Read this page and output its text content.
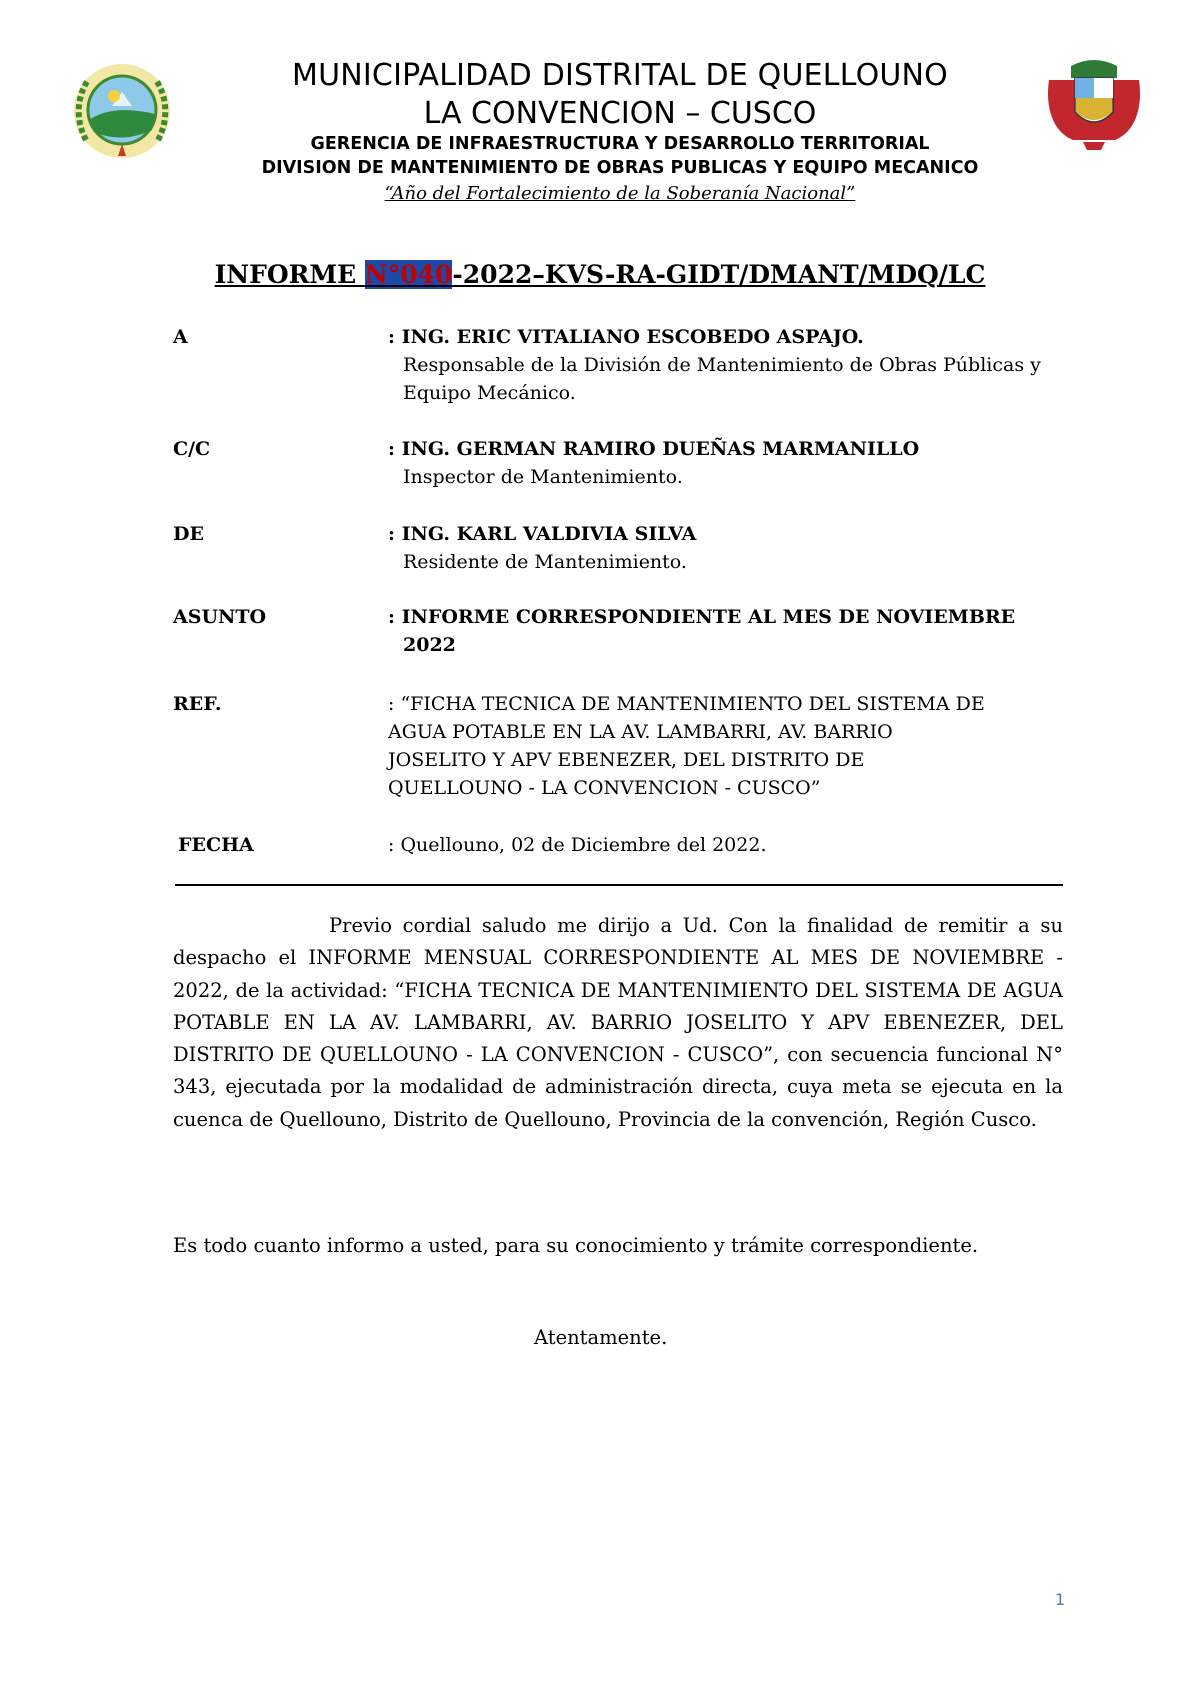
MUNICIPALIDAD DISTRITAL DE QUELLOUNO
LA CONVENCION – CUSCO
GERENCIA DE INFRAESTRUCTURA Y DESARROLLO TERRITORIAL
DIVISION DE MANTENIMIENTO DE OBRAS PUBLICAS Y EQUIPO MECANICO
“Año del Fortalecimiento de la Soberanía Nacional”
INFORME N°040-2022–KVS-RA-GIDT/DMANT/MDQ/LC
A	: ING. ERIC VITALIANO ESCOBEDO ASPAJO.
Responsable de la División de Mantenimiento de Obras Públicas y
Equipo Mecánico.
C/C	: ING. GERMAN RAMIRO DUEÑAS MARMANILLO
Inspector de Mantenimiento.
DE	: ING. KARL VALDIVIA SILVA
Residente de Mantenimiento.
ASUNTO	: INFORME CORRESPONDIENTE AL MES DE NOVIEMBRE
2022
REF.	: “FICHA TECNICA DE MANTENIMIENTO DEL SISTEMA DE
AGUA POTABLE EN LA AV. LAMBARRI, AV. BARRIO
JOSELITO Y APV EBENEZER, DEL DISTRITO DE
QUELLOUNO - LA CONVENCION - CUSCO”
FECHA	: Quellouno, 02 de Diciembre del 2022.
Previo cordial saludo me dirijo a Ud. Con la finalidad de remitir a su despacho el INFORME MENSUAL CORRESPONDIENTE AL MES DE NOVIEMBRE - 2022, de la actividad: “FICHA TECNICA DE MANTENIMIENTO DEL SISTEMA DE AGUA POTABLE EN LA AV. LAMBARRI, AV. BARRIO JOSELITO Y APV EBENEZER, DEL DISTRITO DE QUELLOUNO - LA CONVENCION - CUSCO”, con secuencia funcional N° 343, ejecutada por la modalidad de administración directa, cuya meta se ejecuta en la cuenca de Quellouno, Distrito de Quellouno, Provincia de la convención, Región Cusco.
Es todo cuanto informo a usted, para su conocimiento y trámite correspondiente.
Atentamente.
1
